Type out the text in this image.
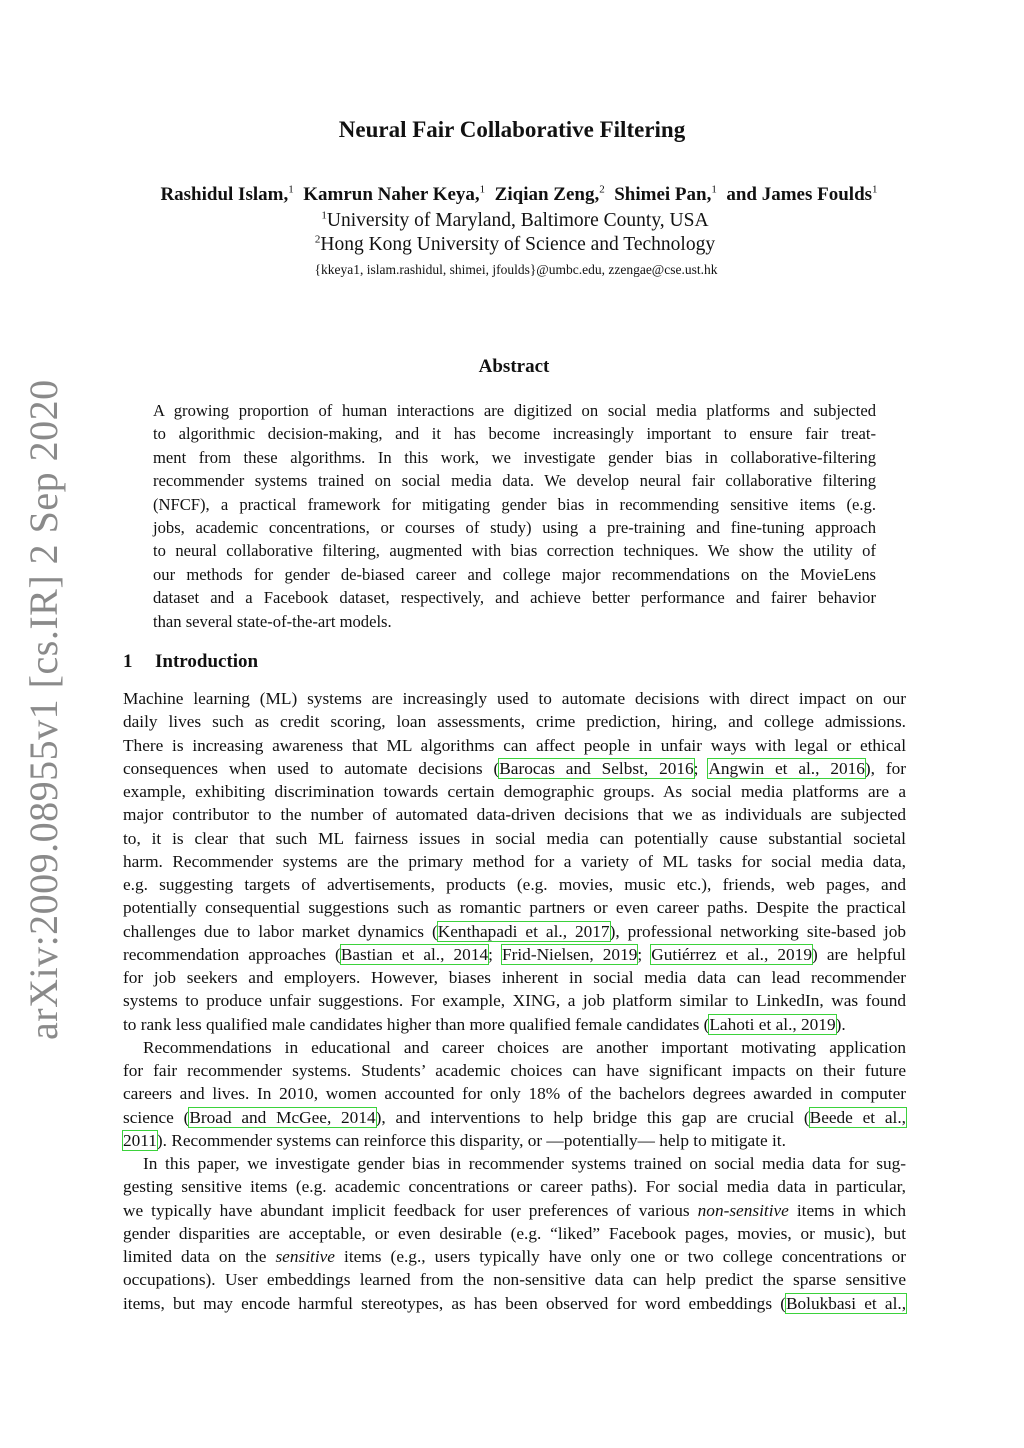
arXiv:2009.08955v1 [cs.IR] 2 Sep 2020
Neural Fair Collaborative Filtering
Rashidul Islam,$^1$ Kamrun Naher Keya,$^1$ Ziqian Zeng,$^2$ Shimei Pan,$^1$ and James Foulds$^1$
$^1$University of Maryland, Baltimore County, USA
$^2$Hong Kong University of Science and Technology
{kkeya1, islam.rashidul, shimei, jfoulds}@umbc.edu, zzengae@cse.ust.hk
Abstract
A growing proportion of human interactions are digitized on social media platforms and subjected
to algorithmic decision-making, and it has become increasingly important to ensure fair treat-
ment from these algorithms. In this work, we investigate gender bias in collaborative-filtering
recommender systems trained on social media data. We develop neural fair collaborative filtering
(NFCF), a practical framework for mitigating gender bias in recommending sensitive items (e.g.
jobs, academic concentrations, or courses of study) using a pre-training and fine-tuning approach
to neural collaborative filtering, augmented with bias correction techniques. We show the utility of
our methods for gender de-biased career and college major recommendations on the MovieLens
dataset and a Facebook dataset, respectively, and achieve better performance and fairer behavior
than several state-of-the-art models.
1 Introduction
Machine learning (ML) systems are increasingly used to automate decisions with direct impact on our
daily lives such as credit scoring, loan assessments, crime prediction, hiring, and college admissions.
There is increasing awareness that ML algorithms can affect people in unfair ways with legal or ethical
consequences when used to automate decisions (Barocas and Selbst, 2016; Angwin et al., 2016), for
example, exhibiting discrimination towards certain demographic groups. As social media platforms are a
major contributor to the number of automated data-driven decisions that we as individuals are subjected
to, it is clear that such ML fairness issues in social media can potentially cause substantial societal
harm. Recommender systems are the primary method for a variety of ML tasks for social media data,
e.g. suggesting targets of advertisements, products (e.g. movies, music etc.), friends, web pages, and
potentially consequential suggestions such as romantic partners or even career paths. Despite the practical
challenges due to labor market dynamics (Kenthapadi et al., 2017), professional networking site-based job
recommendation approaches (Bastian et al., 2014; Frid-Nielsen, 2019; Gutiérrez et al., 2019) are helpful
for job seekers and employers. However, biases inherent in social media data can lead recommender
systems to produce unfair suggestions. For example, XING, a job platform similar to LinkedIn, was found
to rank less qualified male candidates higher than more qualified female candidates (Lahoti et al., 2019).
Recommendations in educational and career choices are another important motivating application
for fair recommender systems. Students’ academic choices can have significant impacts on their future
careers and lives. In 2010, women accounted for only 18% of the bachelors degrees awarded in computer
science (Broad and McGee, 2014), and interventions to help bridge this gap are crucial (Beede et al.,
2011). Recommender systems can reinforce this disparity, or —potentially— help to mitigate it.
In this paper, we investigate gender bias in recommender systems trained on social media data for sug-
gesting sensitive items (e.g. academic concentrations or career paths). For social media data in particular,
we typically have abundant implicit feedback for user preferences of various non-sensitive items in which
gender disparities are acceptable, or even desirable (e.g. “liked” Facebook pages, movies, or music), but
limited data on the sensitive items (e.g., users typically have only one or two college concentrations or
occupations). User embeddings learned from the non-sensitive data can help predict the sparse sensitive
items, but may encode harmful stereotypes, as has been observed for word embeddings (Bolukbasi et al.,
